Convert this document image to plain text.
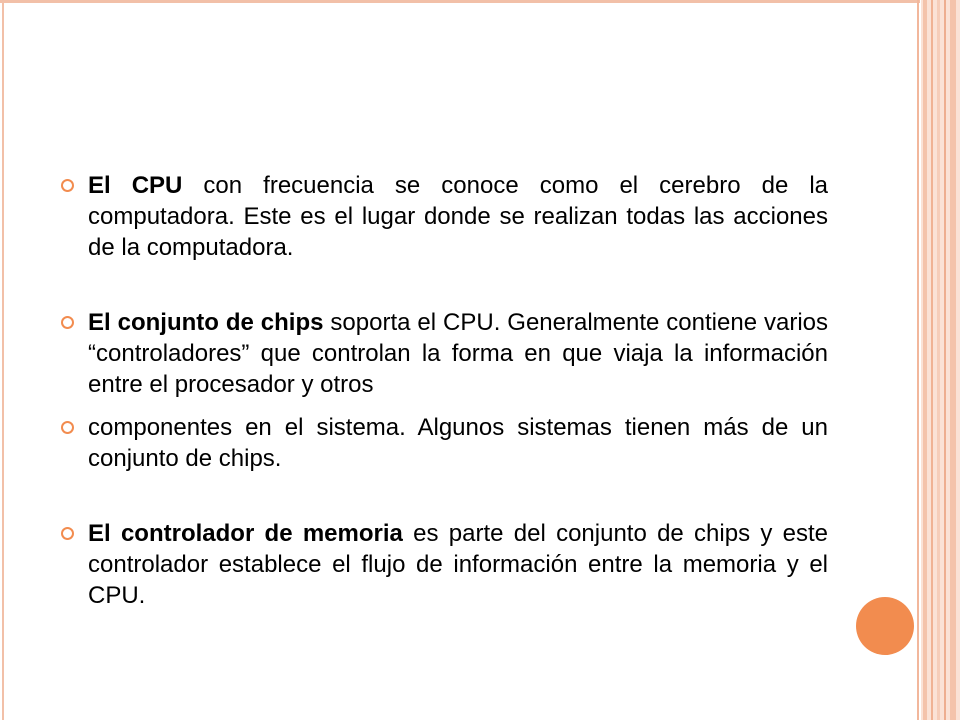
El CPU con frecuencia se conoce como el cerebro de la computadora. Este es el lugar donde se realizan todas las acciones de la computadora.
El conjunto de chips soporta el CPU. Generalmente contiene varios “controladores” que controlan la forma en que viaja la información entre el procesador y otros
componentes en el sistema. Algunos sistemas tienen más de un conjunto de chips.
El controlador de memoria es parte del conjunto de chips y este controlador establece el flujo de información entre la memoria y el CPU.
